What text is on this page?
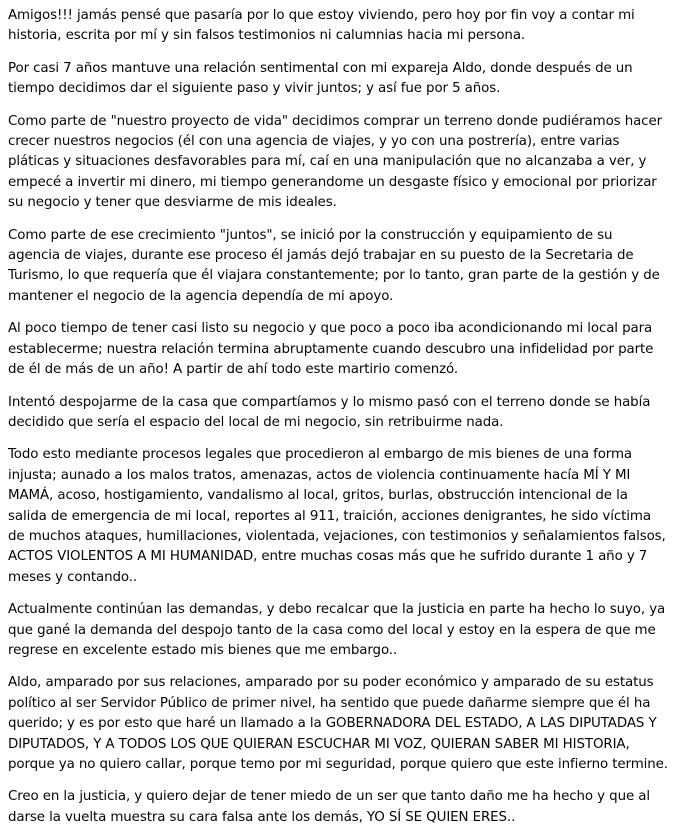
Amigos!!! jamás pensé que pasaría por lo que estoy viviendo, pero hoy por fin voy a contar mi historia, escrita por mí y sin falsos testimonios ni calumnias hacia mi persona.

Por casi 7 años mantuve una relación sentimental con mi expareja Aldo, donde después de un tiempo decidimos dar el siguiente paso y vivir juntos; y así fue por 5 años.

Como parte de "nuestro proyecto de vida" decidimos comprar un terreno donde pudiéramos hacer crecer nuestros negocios (él con una agencia de viajes, y yo con una postrería), entre varias pláticas y situaciones desfavorables para mí, caí en una manipulación que no alcanzaba a ver, y empecé a invertir mi dinero, mi tiempo generandome un desgaste físico y emocional por priorizar su negocio y tener que desviarme de mis ideales.

Como parte de ese crecimiento "juntos", se inició por la construcción y equipamiento de su agencia de viajes, durante ese proceso él jamás dejó trabajar en su puesto de la Secretaria de Turismo, lo que requería que él viajara constantemente; por lo tanto, gran parte de la gestión y de mantener el negocio de la agencia dependía de mi apoyo.

Al poco tiempo de tener casi listo su negocio y que poco a poco iba acondicionando mi local para establecerme; nuestra relación termina abruptamente cuando descubro una infidelidad por parte de él de más de un año! A partir de ahí todo este martirio comenzó.

Intentó despojarme de la casa que compartíamos y lo mismo pasó con el terreno donde se había decidido que sería el espacio del local de mi negocio, sin retribuirme nada.

Todo esto mediante procesos legales que procedieron al embargo de mis bienes de una forma injusta; aunado a los malos tratos, amenazas, actos de violencia continuamente hacía MÍ Y MI MAMÁ, acoso, hostigamiento, vandalismo al local, gritos, burlas, obstrucción intencional de la salida de emergencia de mi local, reportes al 911, traición, acciones denigrantes, he sido víctima de muchos ataques, humillaciones, violentada, vejaciones, con testimonios y señalamientos falsos, ACTOS VIOLENTOS A MI HUMANIDAD, entre muchas cosas más que he sufrido durante 1 año y 7 meses y contando..

Actualmente continúan las demandas, y debo recalcar que la justicia en parte ha hecho lo suyo, ya que gané la demanda del despojo tanto de la casa como del local y estoy en la espera de que me regrese en excelente estado mis bienes que me embargo..

Aldo, amparado por sus relaciones, amparado por su poder económico y amparado de su estatus político al ser Servidor Público de primer nivel, ha sentido que puede dañarme siempre que él ha querido; y es por esto que haré un llamado a la GOBERNADORA DEL ESTADO, A LAS DIPUTADAS Y DIPUTADOS, Y A TODOS LOS QUE QUIERAN ESCUCHAR MI VOZ, QUIERAN SABER MI HISTORIA, porque ya no quiero callar, porque temo por mi seguridad, porque quiero que este infierno termine.

Creo en la justicia, y quiero dejar de tener miedo de un ser que tanto daño me ha hecho y que al darse la vuelta muestra su cara falsa ante los demás, YO SÍ SE QUIEN ERES..
